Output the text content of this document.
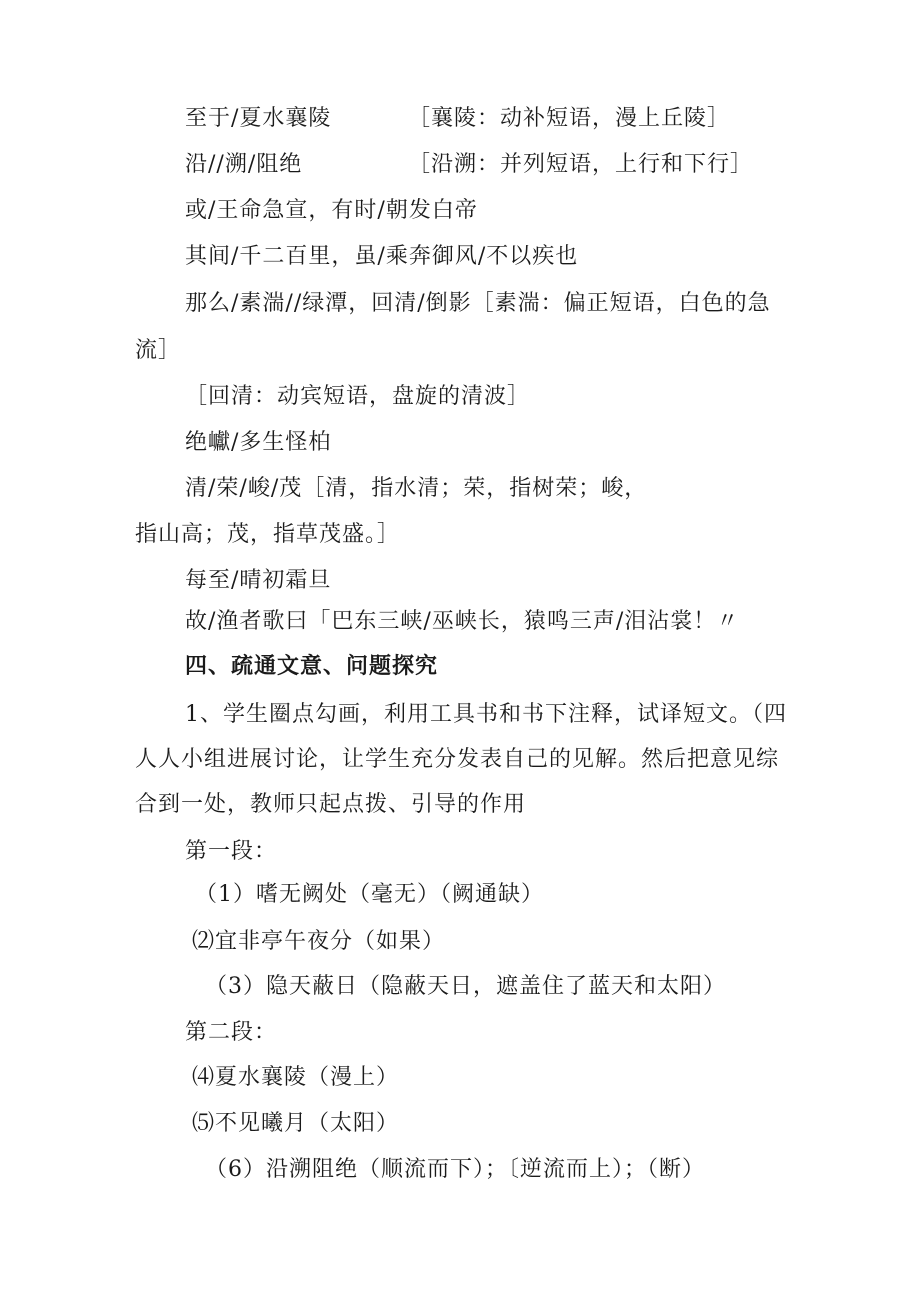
至于/夏水襄陵	［襄陵：动补短语，漫上丘陵］
沿//溯/阻绝	［沿溯：并列短语，上行和下行］
或/王命急宣，有时/朝发白帝
其间/千二百里，虽/乘奔御风/不以疾也
那么/素湍//绿潭，回清/倒影［素湍：偏正短语，白色的急
流］
［回清：动宾短语，盘旋的清波］
绝巘/多生怪柏
清/荣/峻/茂［清，指水清；荣，指树荣；峻，
指山高；茂，指草茂盛。］
每至/晴初霜旦
故/渔者歌曰「巴东三峡/巫峡长，猿鸣三声/泪沾裳！〃
四、疏通文意、问题探究
1、学生圈点勾画，利用工具书和书下注释，试译短文。（四
人人小组进展讨论，让学生充分发表自己的见解。然后把意见综
合到一处，教师只起点拨、引导的作用
第一段：
（1）嗜无阙处（毫无）（阙通缺）
⑵宜非亭午夜分（如果）
（3）隐天蔽日（隐蔽天日，遮盖住了蓝天和太阳）
第二段：
⑷夏水襄陵（漫上）
⑸不见曦月（太阳）
（6）沿溯阻绝（顺流而下）；〔逆流而上）；（断）
